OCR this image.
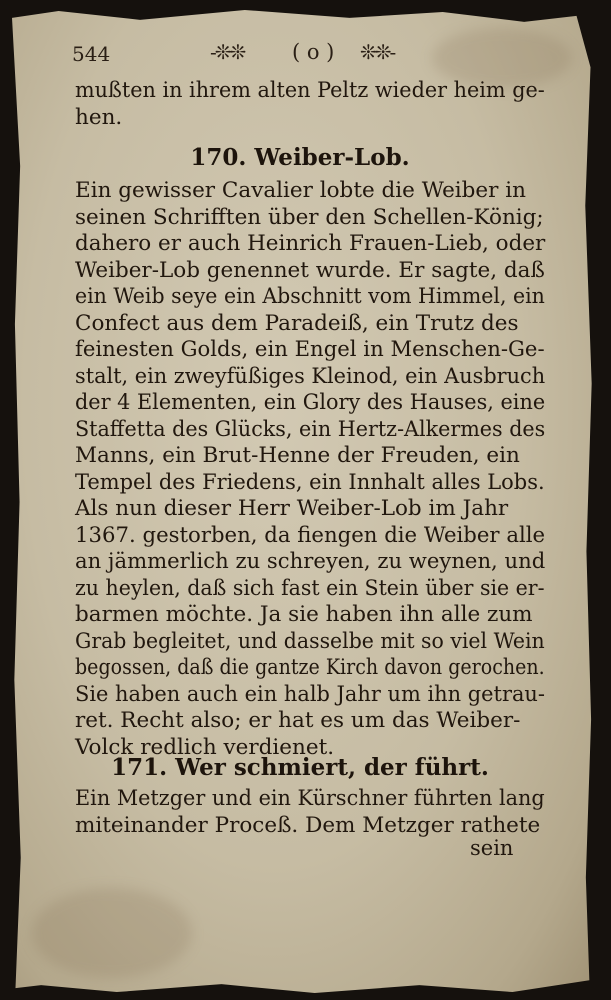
544	-❊❊ ( o ) ❊❊-
mußten in ihrem alten Peltz wieder heim ge-
hen.
170. Weiber-Lob.
Ein gewisser Cavalier lobte die Weiber in
seinen Schrifften über den Schellen-König;
dahero er auch Heinrich Frauen-Lieb, oder
Weiber-Lob genennet wurde. Er sagte, daß
ein Weib seye ein Abschnitt vom Himmel, ein
Confect aus dem Paradeiß, ein Trutz des
feinesten Golds, ein Engel in Menschen-Ge-
stalt, ein zweyfüßiges Kleinod, ein Ausbruch
der 4 Elementen, ein Glory des Hauses, eine
Staffetta des Glücks, ein Hertz-Alkermes des
Manns, ein Brut-Henne der Freuden, ein
Tempel des Friedens, ein Innhalt alles Lobs.
Als nun dieser Herr Weiber-Lob im Jahr
1367. gestorben, da fiengen die Weiber alle
an jämmerlich zu schreyen, zu weynen, und
zu heylen, daß sich fast ein Stein über sie er-
barmen möchte. Ja sie haben ihn alle zum
Grab begleitet, und dasselbe mit so viel Wein
begossen, daß die gantze Kirch davon gerochen.
Sie haben auch ein halb Jahr um ihn getrau-
ret. Recht also; er hat es um das Weiber-
Volck redlich verdienet.
171. Wer schmiert, der führt.
Ein Metzger und ein Kürschner führten lang
miteinander Proceß. Dem Metzger rathete
sein
